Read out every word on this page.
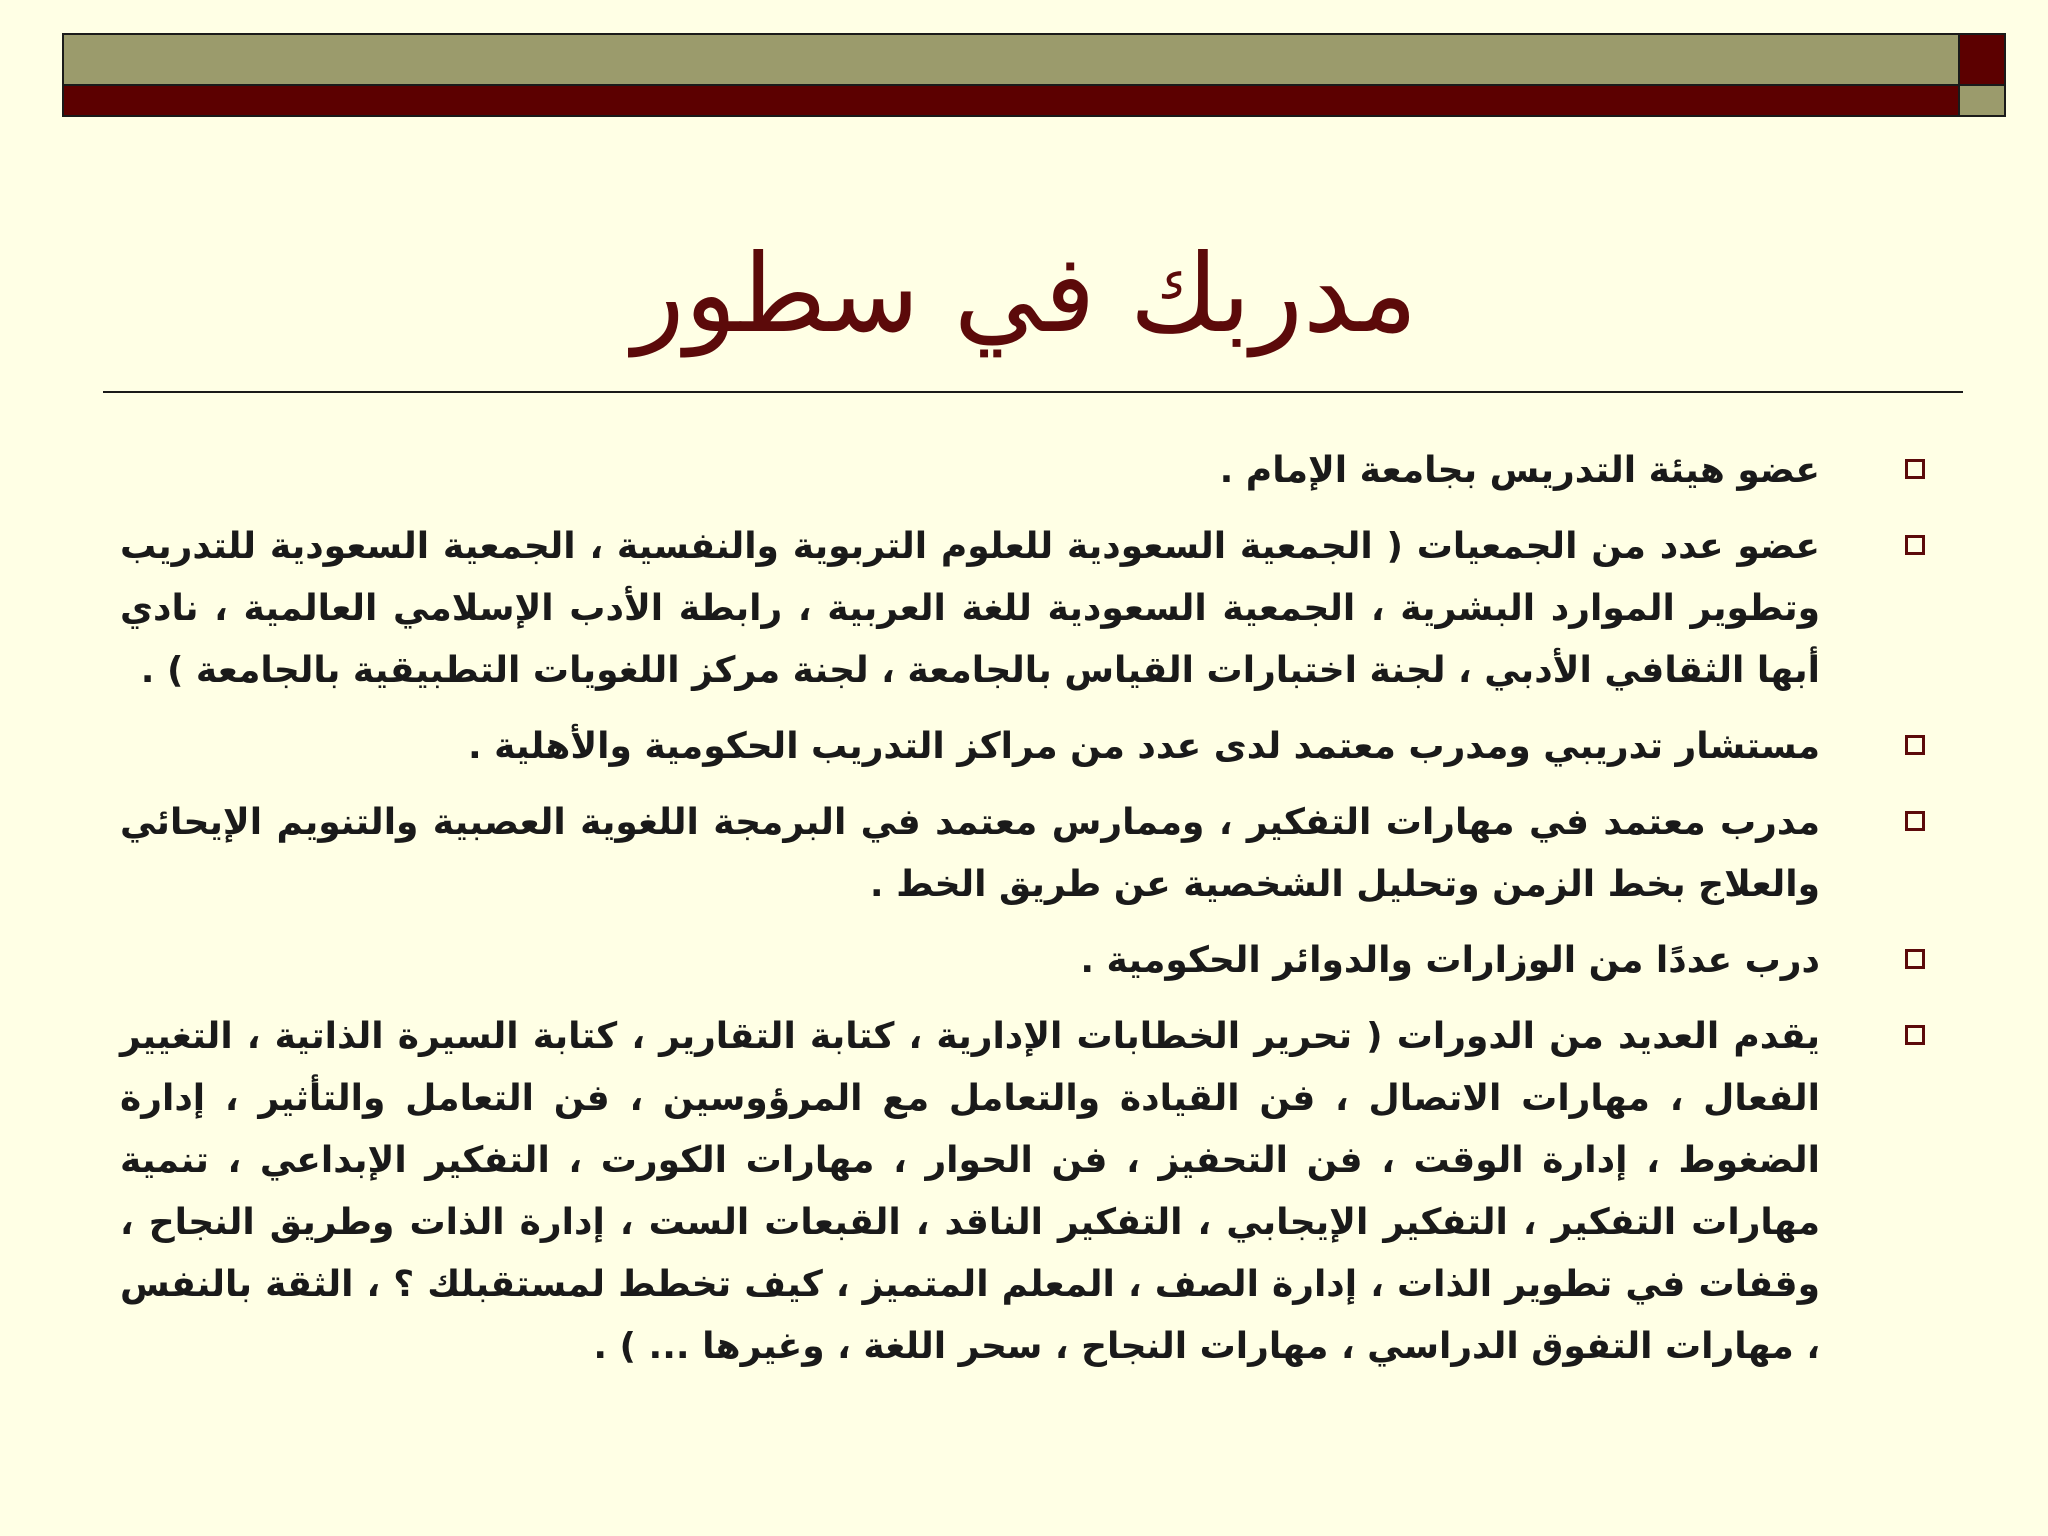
مدربك في سطور
عضو هيئة التدريس بجامعة الإمام .
عضو عدد من الجمعيات ( الجمعية السعودية للعلوم التربوية والنفسية ، الجمعية السعودية للتدريب وتطوير الموارد البشرية ، الجمعية السعودية للغة العربية ، رابطة الأدب الإسلامي العالمية ، نادي أبها الثقافي الأدبي ، لجنة اختبارات القياس بالجامعة ، لجنة مركز اللغويات التطبيقية بالجامعة ) .
مستشار تدريبي ومدرب معتمد لدى عدد من مراكز التدريب الحكومية والأهلية .
مدرب معتمد في مهارات التفكير ، وممارس معتمد في البرمجة اللغوية العصبية والتنويم الإيحائي والعلاج بخط الزمن وتحليل الشخصية عن طريق الخط .
درب عددًا من الوزارات والدوائر الحكومية .
يقدم العديد من الدورات ( تحرير الخطابات الإدارية ، كتابة التقارير ، كتابة السيرة الذاتية ، التغيير الفعال ، مهارات الاتصال ، فن القيادة والتعامل مع المرؤوسين ، فن التعامل والتأثير ، إدارة الضغوط ، إدارة الوقت ، فن التحفيز ، فن الحوار ، مهارات الكورت ، التفكير الإبداعي ، تنمية مهارات التفكير ، التفكير الإيجابي ، التفكير الناقد ، القبعات الست ، إدارة الذات وطريق النجاح ، وقفات في تطوير الذات ، إدارة الصف ، المعلم المتميز ، كيف تخطط لمستقبلك ؟ ، الثقة بالنفس ، مهارات التفوق الدراسي ، مهارات النجاح ، سحر اللغة ، وغيرها ... ) .
